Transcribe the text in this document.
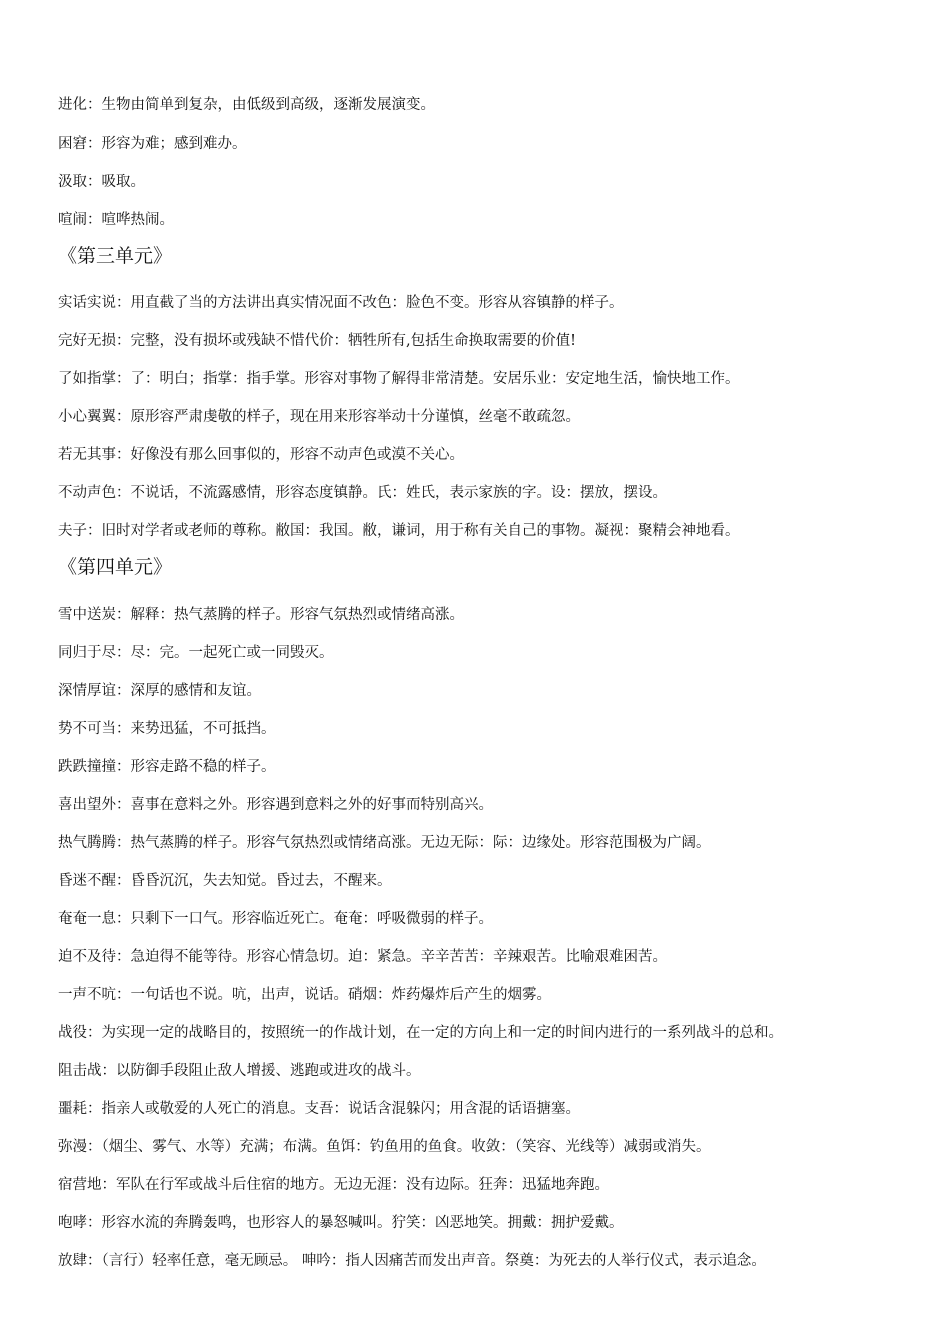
进化：生物由简单到复杂，由低级到高级，逐渐发展演变。
困窘：形容为难；感到难办。
汲取：吸取。
喧闹：喧哗热闹。
《第三单元》
实话实说：用直截了当的方法讲出真实情况面不改色：脸色不变。形容从容镇静的样子。
完好无损：完整，没有损坏或残缺不惜代价：牺牲所有,包括生命换取需要的价值!
了如指掌：了：明白；指掌：指手掌。形容对事物了解得非常清楚。安居乐业：安定地生活，愉快地工作。
小心翼翼：原形容严肃虔敬的样子，现在用来形容举动十分谨慎，丝毫不敢疏忽。
若无其事：好像没有那么回事似的，形容不动声色或漠不关心。
不动声色：不说话，不流露感情，形容态度镇静。氏：姓氏，表示家族的字。设：摆放，摆设。
夫子：旧时对学者或老师的尊称。敝国：我国。敝，谦词，用于称有关自己的事物。凝视：聚精会神地看。
《第四单元》
雪中送炭：解释：热气蒸腾的样子。形容气氛热烈或情绪高涨。
同归于尽：尽：完。一起死亡或一同毁灭。
深情厚谊：深厚的感情和友谊。
势不可当：来势迅猛，不可抵挡。
跌跌撞撞：形容走路不稳的样子。
喜出望外：喜事在意料之外。形容遇到意料之外的好事而特别高兴。
热气腾腾：热气蒸腾的样子。形容气氛热烈或情绪高涨。无边无际：际：边缘处。形容范围极为广阔。
昏迷不醒：昏昏沉沉，失去知觉。昏过去，不醒来。
奄奄一息：只剩下一口气。形容临近死亡。奄奄：呼吸微弱的样子。
迫不及待：急迫得不能等待。形容心情急切。迫：紧急。辛辛苦苦：辛辣艰苦。比喻艰难困苦。
一声不吭：一句话也不说。吭，出声，说话。硝烟：炸药爆炸后产生的烟雾。
战役：为实现一定的战略目的，按照统一的作战计划，在一定的方向上和一定的时间内进行的一系列战斗的总和。
阻击战：以防御手段阻止敌人增援、逃跑或进攻的战斗。
噩耗：指亲人或敬爱的人死亡的消息。支吾：说话含混躲闪；用含混的话语搪塞。
弥漫：（烟尘、雾气、水等）充满；布满。鱼饵：钓鱼用的鱼食。收敛：（笑容、光线等）减弱或消失。
宿营地：军队在行军或战斗后住宿的地方。无边无涯：没有边际。狂奔：迅猛地奔跑。
咆哮：形容水流的奔腾轰鸣，也形容人的暴怒喊叫。狞笑：凶恶地笑。拥戴：拥护爱戴。
放肆：（言行）轻率任意，毫无顾忌。 呻吟：指人因痛苦而发出声音。祭奠：为死去的人举行仪式，表示追念。
